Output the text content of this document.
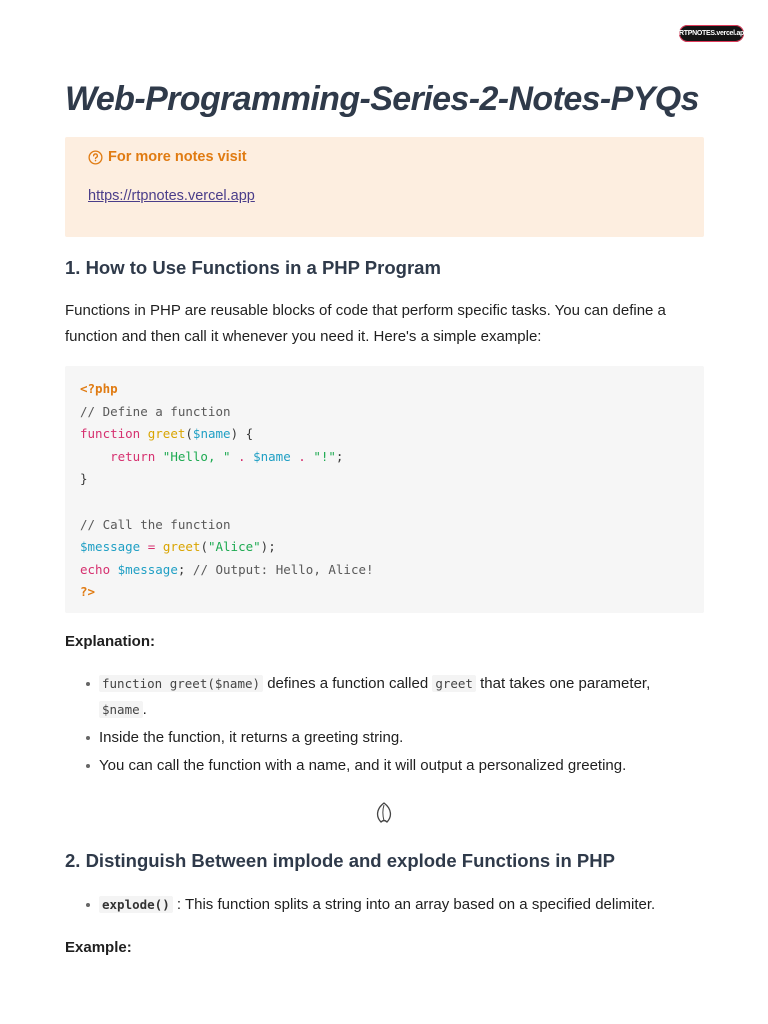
RTPNOTES.vercel.app
Web-Programming-Series-2-Notes-PYQs
For more notes visit
https://rtpnotes.vercel.app
1. How to Use Functions in a PHP Program

Functions in PHP are reusable blocks of code that perform specific tasks. You can define a function and then call it whenever you need it. Here's a simple example:

<?php
// Define a function
function greet($name) {
return "Hello, " . $name . "!";
}

// Call the function
$message = greet("Alice");
echo $message; // Output: Hello, Alice!
?>

Explanation:

function greet($name) defines a function called greet that takes one parameter,
$name .
Inside the function, it returns a greeting string.
You can call the function with a name, and it will output a personalized greeting.
2. Distinguish Between implode and explode Functions in PHP
explode() : This function splits a string into an array based on a specified delimiter.

Example:
